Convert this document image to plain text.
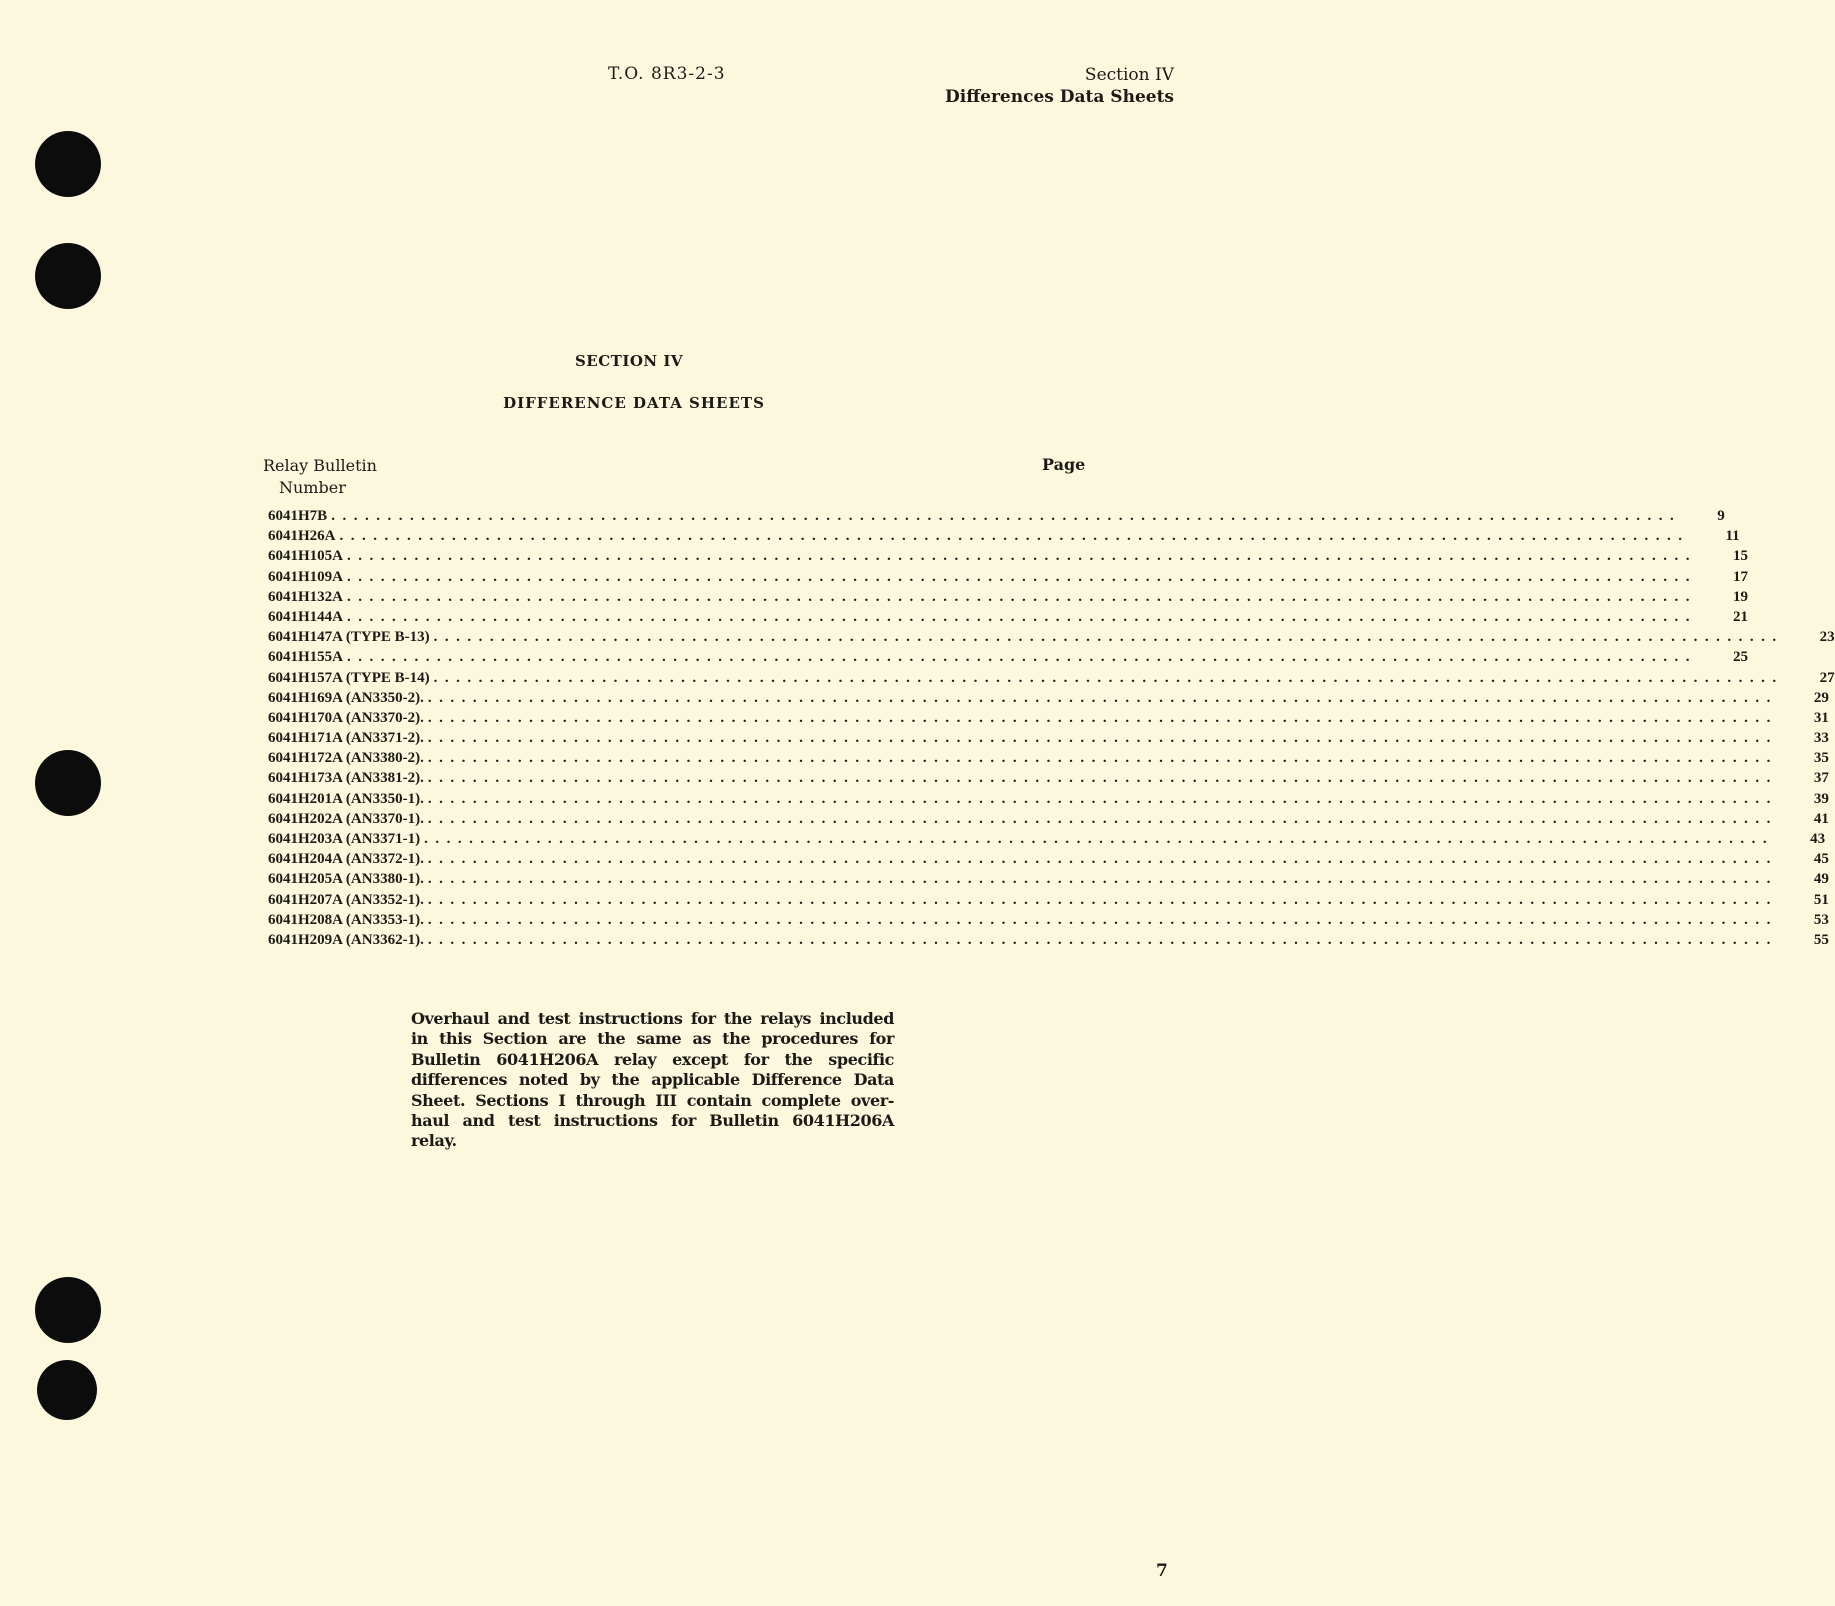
T.O. 8R3-2-3	Section IV
Differences Data Sheets
SECTION IV
DIFFERENCE DATA SHEETS
Relay Bulletin
Number
Page
6041H7B ........................................................................................................................ 9
6041H26A ........................................................................................................................ 11
6041H105A ........................................................................................................................ 15
6041H109A ........................................................................................................................ 17
6041H132A ........................................................................................................................ 19
6041H144A ........................................................................................................................ 21
6041H147A (TYPE B-13) ........................................................................................................................ 23
6041H155A ........................................................................................................................ 25
6041H157A (TYPE B-14) ........................................................................................................................ 27
6041H169A (AN3350-2). ........................................................................................................................ 29
6041H170A (AN3370-2). ........................................................................................................................ 31
6041H171A (AN3371-2). ........................................................................................................................ 33
6041H172A (AN3380-2). ........................................................................................................................ 35
6041H173A (AN3381-2). ........................................................................................................................ 37
6041H201A (AN3350-1). ........................................................................................................................ 39
6041H202A (AN3370-1). ........................................................................................................................ 41
6041H203A (AN3371-1) ........................................................................................................................ 43
6041H204A (AN3372-1). ........................................................................................................................ 45
6041H205A (AN3380-1). ........................................................................................................................ 49
6041H207A (AN3352-1). ........................................................................................................................ 51
6041H208A (AN3353-1). ........................................................................................................................ 53
6041H209A (AN3362-1). ........................................................................................................................ 55
Overhaul and test instructions for the relays included
in this Section are the same as the procedures for
Bulletin 6041H206A relay except for the specific
differences noted by the applicable Difference Data
Sheet. Sections I through III contain complete over-
haul and test instructions for Bulletin 6041H206A
relay.
7
